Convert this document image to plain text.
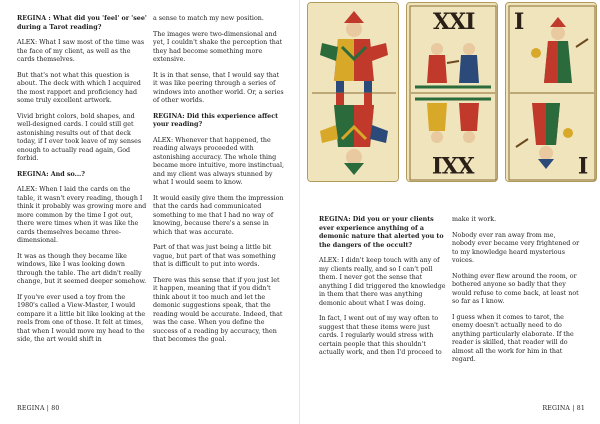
REGINA : What did you 'feel' or 'see' during a Tarot reading?

ALEX: What I saw most of the time was the face of my client, as well as the cards themselves.

But that's not what this question is about. The deck with which I acquired the most rapport and proficiency had some truly excellent artwork.

Vivid bright colors, bold shapes, and well-designed cards. I could still get astonishing results out of that deck today, if I ever took leave of my senses enough to actually read again, God forbid.

REGINA: And so...?

ALEX: When I laid the cards on the table, it wasn't every reading, though I think it probably was growing more and more common by the time I got out, there were times when it was like the cards themselves became three-dimensional.

It was as though they became like windows, like I was looking down through the table. The art didn't really change, but it seemed deeper somehow.

If you've ever used a toy from the 1980's called a View-Master, I would compare it a little bit like looking at the reels from one of those. It felt at times, that when I would move my head to the side, the art would shift in

a sense to match my new position.

The images were two-dimensional and yet, I couldn't shake the perception that they had become something more extensive.

It is in that sense, that I would say that it was like peering through a series of windows into another world. Or, a series of other worlds.

REGINA: Did this experience affect your reading?

ALEX: Whenever that happened, the reading always proceeded with astonishing accuracy. The whole thing became more intuitive, more instinctual, and my client was always stunned by what I would seem to know.

It would easily give them the impression that the cards had communicated something to me that I had no way of knowing, because there's a sense in which that was accurate.

Part of that was just being a little bit vague, but part of that was something that is difficult to put into words.

There was this sense that if you just let it happen, meaning that if you didn't think about it too much and let the demonic suggestions speak, that the reading would be accurate. Indeed, that was the case. When you define the success of a reading by accuracy, then that becomes the goal.

REGINA | 80

REGINA: Did you or your clients ever experience anything of a demonic nature that alerted you to the dangers of the occult?

ALEX: I didn't keep touch with any of my clients really, and so I can't poll them. I never got the sense that anything I did triggered the knowledge in them that there was anything demonic about what I was doing.

In fact, I went out of my way often to suggest that these items were just cards. I regularly would stress with certain people that this shouldn't actually work, and then I'd proceed to

make it work.

Nobody ever ran away from me, nobody ever became very frightened or to my knowledge heard mysterious voices.

Nothing ever flew around the room, or bothered anyone so badly that they would refuse to come back, at least not so far as I know.

I guess when it comes to tarot, the enemy doesn't actually need to do anything particularly elaborate. If the reader is skilled, that reader will do almost all the work for him in that regard.

REGINA | 81
XXI
XXI
I
I
